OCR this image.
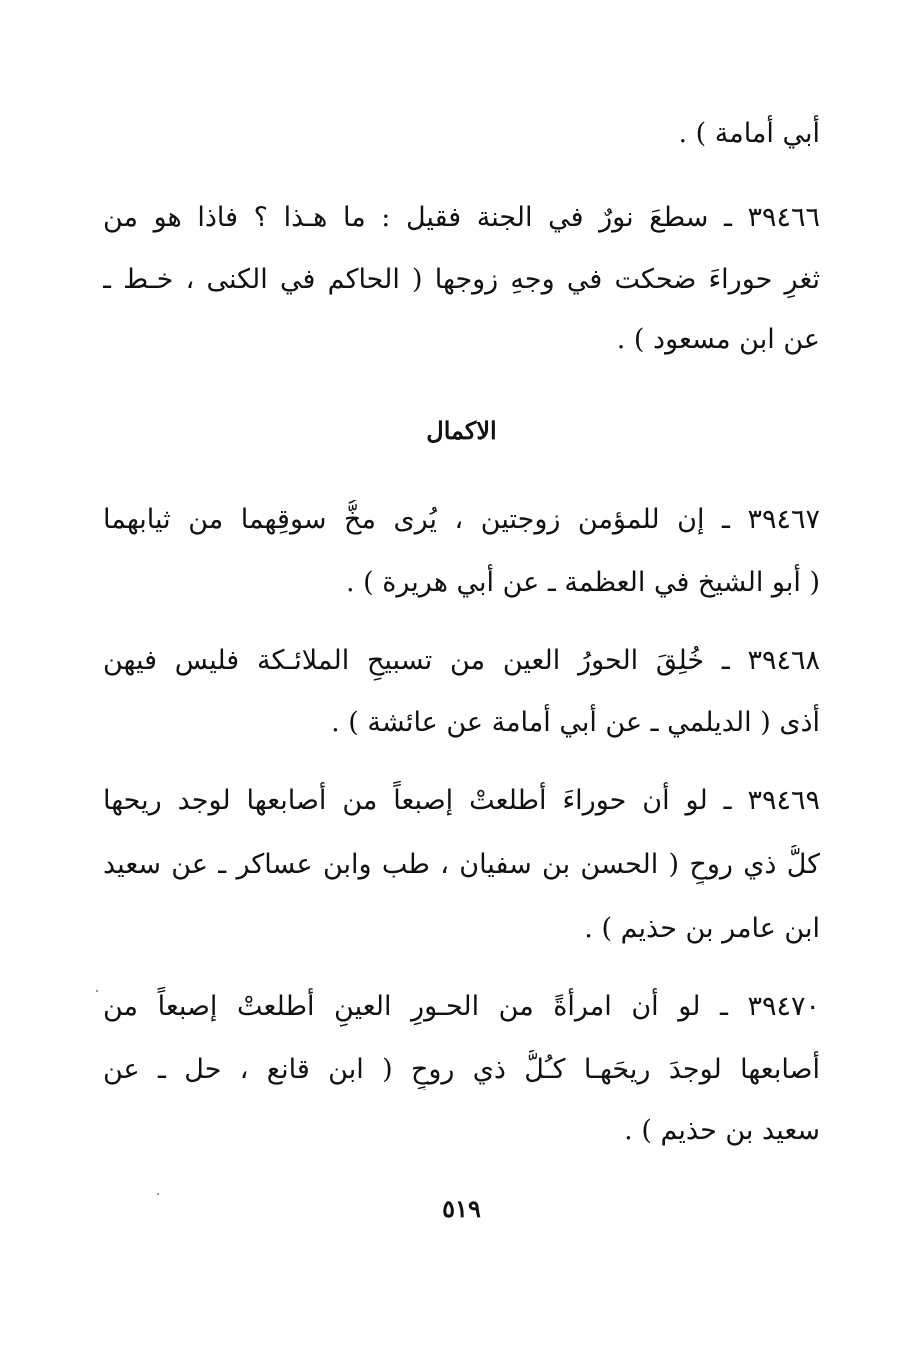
أبي أمامة ) .
٣٩٤٦٦ ـ سطعَ نورٌ في الجنة فقيل : ما هـذا ؟ فاذا هو من
ثغرِ حوراءَ ضحكت في وجهِ زوجها ( الحاكم في الكنى ، خـط ـ
عن ابن مسعود ) .
الاكمال
٣٩٤٦٧ ـ إن للمؤمن زوجتين ، يُرى مخُّ سوقِهما من ثيابهما
( أبو الشيخ في العظمة ـ عن أبي هريرة ) .
٣٩٤٦٨ ـ خُلِقَ الحورُ العين من تسبيحِ الملائـكة فليس فيهن
أذى ( الديلمي ـ عن أبي أمامة عن عائشة ) .
٣٩٤٦٩ ـ لو أن حوراءَ أطلعتْ إصبعاً من أصابعها لوجد ريحها
كلُّ ذي روحٍ ( الحسن بن سفيان ، طب وابن عساكر ـ عن سعيد
ابن عامر بن حذيم ) .
٣٩٤٧٠ ـ لو أن امرأةً من الحـورِ العينِ أطلعتْ إصبعاً من
أصابعها لوجدَ ريحَهـا كـُلُّ ذي روحٍ ( ابن قانع ، حل ـ عن
سعيد بن حذيم ) .
٥١٩
